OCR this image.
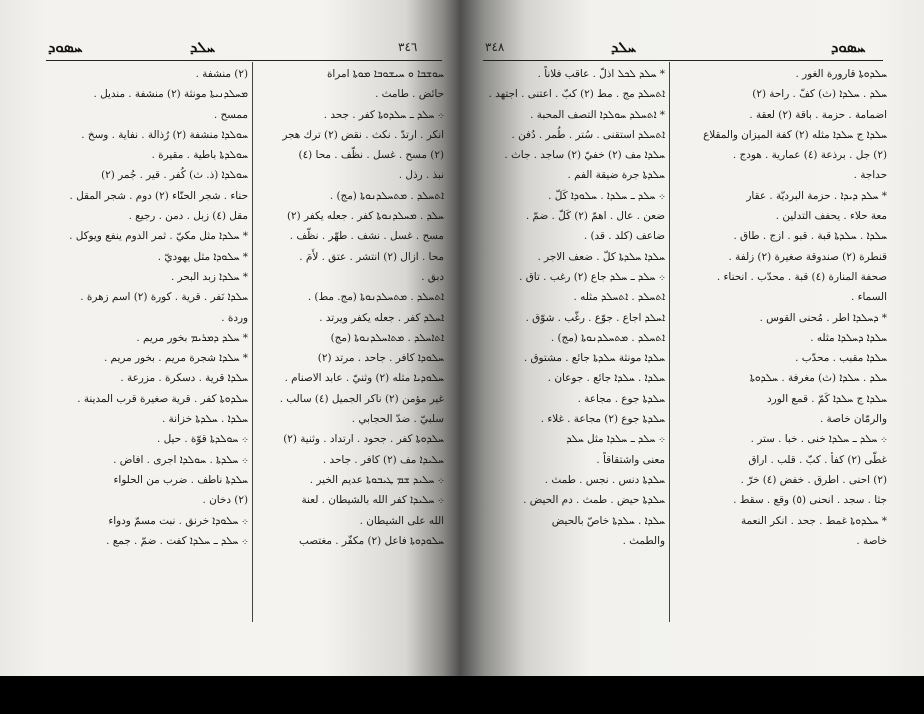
ܚܣܘܕ	ܚܠܕ	٣٤٦
ܚܘܫܒܐ ܘ ܚܝܫܘܒܐ ܡܘܬܐ امراة
حائض . طامث .
܀ ܚܠܕ ـ ܚܠܕܘܬܐ كفر . جحد .
انكر . ارتدّ . نكث . نقض (٢) ترك هجر
(٢) مسح . غسل . نظّف . محا (٤)
نبذ . رذل .
ܐܬܚܠܕ . ܡܬܚܠܕܢܘܬܐ (مج) .
ܚܠܕ . ܡܚܠܕܢܘܬܐ كفر . جعله يكفر (٢)
مسح . غسل . نشف . طهّر . نظّف .
محا . ازال (٢) انتشر . عتق . لأَمَ .
دبق .
ܐܬܚܠܕ . ܡܬܚܠܕܢܘܬܐ (مج. مط) .
ܐܚܠܕ كفر . جعله يكفر ويرتد .
ܐܬܐܚܠܕ . ܡܬܐܚܠܕܢܘܬܐ (مج)
ܚܠܘܕܐ كافر . جاحد . مرتد (٢)
ܚܠܘܕܝܐ مثله (٢) وثنيّ . عابد الاصنام .
غير مؤمن (٢) ناكر الجميل (٤) سالب .
سلبيّ . ضدّ الحجابي .
ܚܠܕܘܬܐ كفر . جحود . ارتداد . وثنية (٢)
ܚܠܝܕܐ مف (٢) كافر . جاحد .
܀ ܚܠܝܕ ܫܡ ܛܝܒܘܬܐ عديم الخير .
܀ ܚܠܝܕܐ كفر الله بالشيطان . لعنة
الله على الشيطان .
ܚܠܘܕܘܬܐ فاعل (٢) مكفّر . مغتصب
(٢) منشفة .
ܡܚܠܕܢܝܬܐ مونثة (٢) منشفة . منديل .
ممسح .
ܚܘܠܕܐ منشفة (٢) رُذالة . نفاية . وسخ .
ܚܘܠܕܬܐ باطية . مقيرة .
ܚܘܠܕܐ (ذ. ث) كُفر . قير . جُمر (٢)
حناء . شجر الحنّاء (٢) دوم . شجر المقل .
مقل (٤) زبل . دمن . رجيع .
* ܚܠܕܐ مثل مكيّ . ثمر الدوم ينفع ويوكل .
* ܚܠܘܕܐ مثل يهوديّ .
* ܚܠܕܐ زبد البحر .
ܚܠܕܐ نَفر . قرية . كورة (٢) اسم زهرة .
وردة .
* ܚܠܕ ܕܡܪܝܡ بخور مريم .
* ܚܠܕܐ شجرة مريم . بخور مريم .
ܚܠܕܐ قرية . دسكرة . مزرعة .
ܚܠܕܘܬܐ كفر . قرية صغيرة قرب المدينة .
ܚܠܕܐ . ܚܠܕܬܐ خزانة .
܀ ܚܘܠܕܬܐ قوّة . حيل .
܀ ܚܠܕܬܐ . ܚܘܠܕܐ اجرى . افاض .
ܚܠܕܬܐ ناطف . ضرب من الحلواء
(٢) دخان .
܀ ܚܠܘܕܐ خرنق . نبت مسمّ ودواء
܀ ܚܠܕ ـ ܚܠܕܐ كفت . ضمّ . جمع .
٣٤٨	ܚܠܕ	ܚܣܘܕ
ܚܠܕܘܬܐ قارورة الغور .
ܚܠܕ . ܚܠܕܐ (ث) كفّ . راحة (٢)
اضمامة . حزمة . باقة (٢) لعقة .
ܚܠܕܐ ج ܚܠܕܐ مثله (٢) كفة الميزان والمقلاع
(٢) جل . برذعة (٤) عمارية . هودج .
حداجة .
* ܚܠܕ ܕܝܕܐ . حزمة البرديّة . عقار
معة حلاء . يحفف التدلين .
ܚܠܕܐ . ܚܠܕܬܐ قبة . قبو . ازج . طاق .
قنطرة (٢) صندوقة صغيرة (٢) زلفة .
صحفة المنارة (٤) قبة . محدّب . انحناء .
السماء .
* ܕܚܠܕܐ اطر . مُحنى القوس .
ܚܠܕܐ ܕܚܠܕܐ مثله .
ܚܠܕܐ مقبب . محدّب .
ܚܠܕ . ܚܠܕܐ (ث) مغرفة . ܚܠܕܘܬܐ
ܚܠܕܐ ج ܚܠܕܐ كَمّ . قمع الورد
والرمّان خاصة .
܀ ܚܠܕ ـ ܚܠܕܐ خنى . خبا . ستر .
غطّى (٢) كفأ . كبّ . قلب . اراق
(٢) احنى . اطرق . خفض (٤) خرّ .
جثا . سجد . انحنى (٥) وقع . سقط .
* ܚܠܕܘܬܐ غمط . جحد . انكر النعمة
خاصة .
* ܚܠܕ ܠܟܠ اذلّ . عاقب فلاناً .
ܐܬܚܠܕ مج . مط (٢) كبّ . اعتنى . اجتهد .
* ܐܬܚܠܕ ܚܘܠܕܐ التصف المحبة .
ܐܬܚܠܕ استقنى . سُتر . طُمر . دُفن .
ܚܠܕܐ مف (٢) خفيّ (٢) ساجد . جاث .
ܚܠܕܬܐ جرة ضيقة الفم .
܀ ܚܠܕ ـ ܚܠܕܐ . ܚܠܘܕܐ كَلّ .
ضعن . عال . اهمّ (٢) كَلّ . ضمّ .
ضاعف (كلد . قد) .
ܚܠܕܐ ܚܠܕܬܐ كلّ . ضعف الاجر .
܀ ܚܠܕ ـ ܚܠܕ جاع (٢) رغب . تاق .
ܐܬܚܠܕ . ܐܬܚܠܕ مثله .
ܐܚܠܕ اجاع . جوّع . رغّب . شوّق .
ܐܬܚܠܕ . ܡܬܚܠܕܢܘܬܐ (مج) .
ܚܠܕܐ مونثة ܚܠܕܬܐ جائع . مشتوق .
ܚܠܕܐ . ܚܠܕܐ جائع . جوعان .
ܚܠܕܬܐ جوع . مجاعة .
ܚܠܕܬܐ جوع (٢) مجاعة . غلاء .
܀ ܚܠܕ ـ ܚܠܕܐ مثل ܚܠܕ
معنى واشتقاقاً .
ܚܠܕܬܐ دنس . نجس . طمث .
ܚܠܕܬܐ حيض . طمث . دم الحيض .
ܚܠܕܐ . ܚܠܕܬܐ خاصّ بالحيض
والطمث .
